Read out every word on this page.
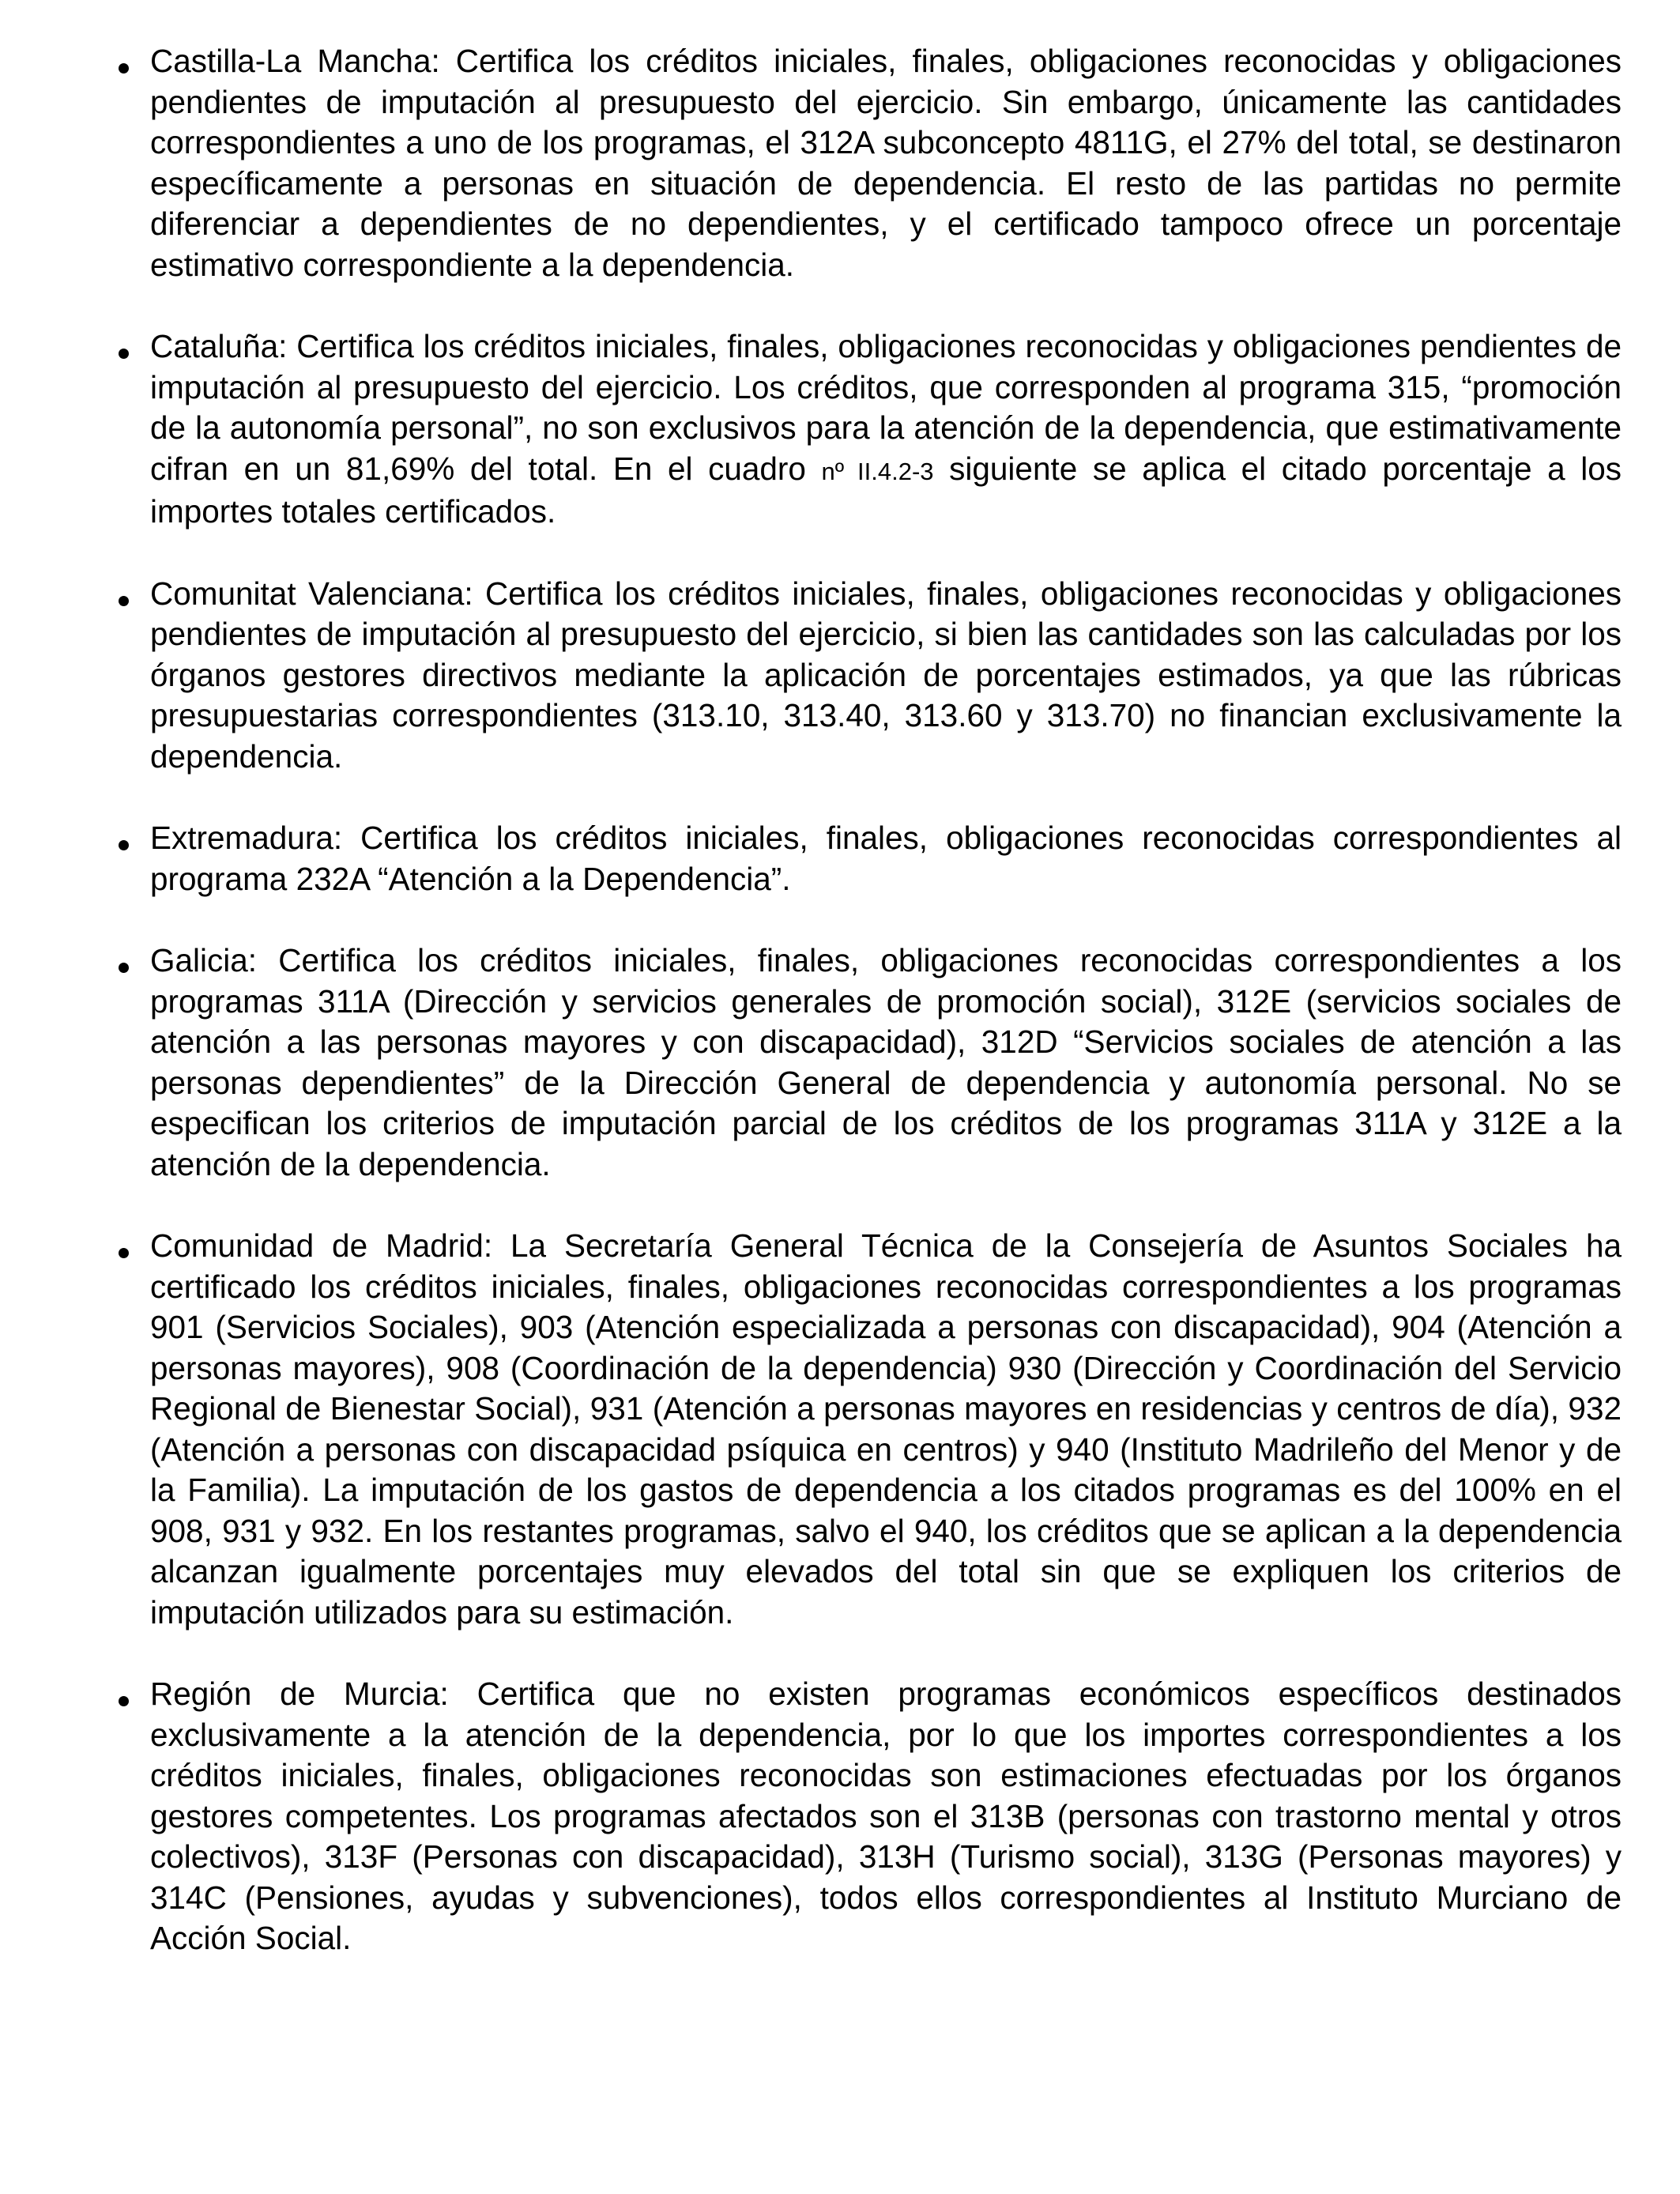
Castilla-La Mancha: Certifica los créditos iniciales, finales, obligaciones reconocidas y obligaciones pendientes de imputación al presupuesto del ejercicio. Sin embargo, únicamente las cantidades correspondientes a uno de los programas, el 312A subconcepto 4811G, el 27% del total, se destinaron específicamente a personas en situación de dependencia. El resto de las partidas no permite diferenciar a dependientes de no dependientes, y el certificado tampoco ofrece un porcentaje estimativo correspondiente a la dependencia.

Cataluña: Certifica los créditos iniciales, finales, obligaciones reconocidas y obligaciones pendientes de imputación al presupuesto del ejercicio. Los créditos, que corresponden al programa 315, “promoción de la autonomía personal”, no son exclusivos para la atención de la dependencia, que estimativamente cifran en un 81,69% del total. En el cuadro nº II.4.2-3 siguiente se aplica el citado porcentaje a los importes totales certificados.

Comunitat Valenciana: Certifica los créditos iniciales, finales, obligaciones reconocidas y obligaciones pendientes de imputación al presupuesto del ejercicio, si bien las cantidades son las calculadas por los órganos gestores directivos mediante la aplicación de porcentajes estimados, ya que las rúbricas presupuestarias correspondientes (313.10, 313.40, 313.60 y 313.70) no financian exclusivamente la dependencia.

Extremadura: Certifica los créditos iniciales, finales, obligaciones reconocidas correspondientes al programa 232A “Atención a la Dependencia”.

Galicia: Certifica los créditos iniciales, finales, obligaciones reconocidas correspondientes a los programas 311A (Dirección y servicios generales de promoción social), 312E (servicios sociales de atención a las personas mayores y con discapacidad), 312D “Servicios sociales de atención a las personas dependientes” de la Dirección General de dependencia y autonomía personal. No se especifican los criterios de imputación parcial de los créditos de los programas 311A y 312E a la atención de la dependencia.

Comunidad de Madrid: La Secretaría General Técnica de la Consejería de Asuntos Sociales ha certificado los créditos iniciales, finales, obligaciones reconocidas correspondientes a los programas 901 (Servicios Sociales), 903 (Atención especializada a personas con discapacidad), 904 (Atención a personas mayores), 908 (Coordinación de la dependencia) 930 (Dirección y Coordinación del Servicio Regional de Bienestar Social), 931 (Atención a personas mayores en residencias y centros de día), 932 (Atención a personas con discapacidad psíquica en centros) y 940 (Instituto Madrileño del Menor y de la Familia). La imputación de los gastos de dependencia a los citados programas es del 100% en el 908, 931 y 932. En los restantes programas, salvo el 940, los créditos que se aplican a la dependencia alcanzan igualmente porcentajes muy elevados del total sin que se expliquen los criterios de imputación utilizados para su estimación.

Región de Murcia: Certifica que no existen programas económicos específicos destinados exclusivamente a la atención de la dependencia, por lo que los importes correspondientes a los créditos iniciales, finales, obligaciones reconocidas son estimaciones efectuadas por los órganos gestores competentes. Los programas afectados son el 313B (personas con trastorno mental y otros colectivos), 313F (Personas con discapacidad), 313H (Turismo social), 313G (Personas mayores) y 314C (Pensiones, ayudas y subvenciones), todos ellos correspondientes al Instituto Murciano de Acción Social.
